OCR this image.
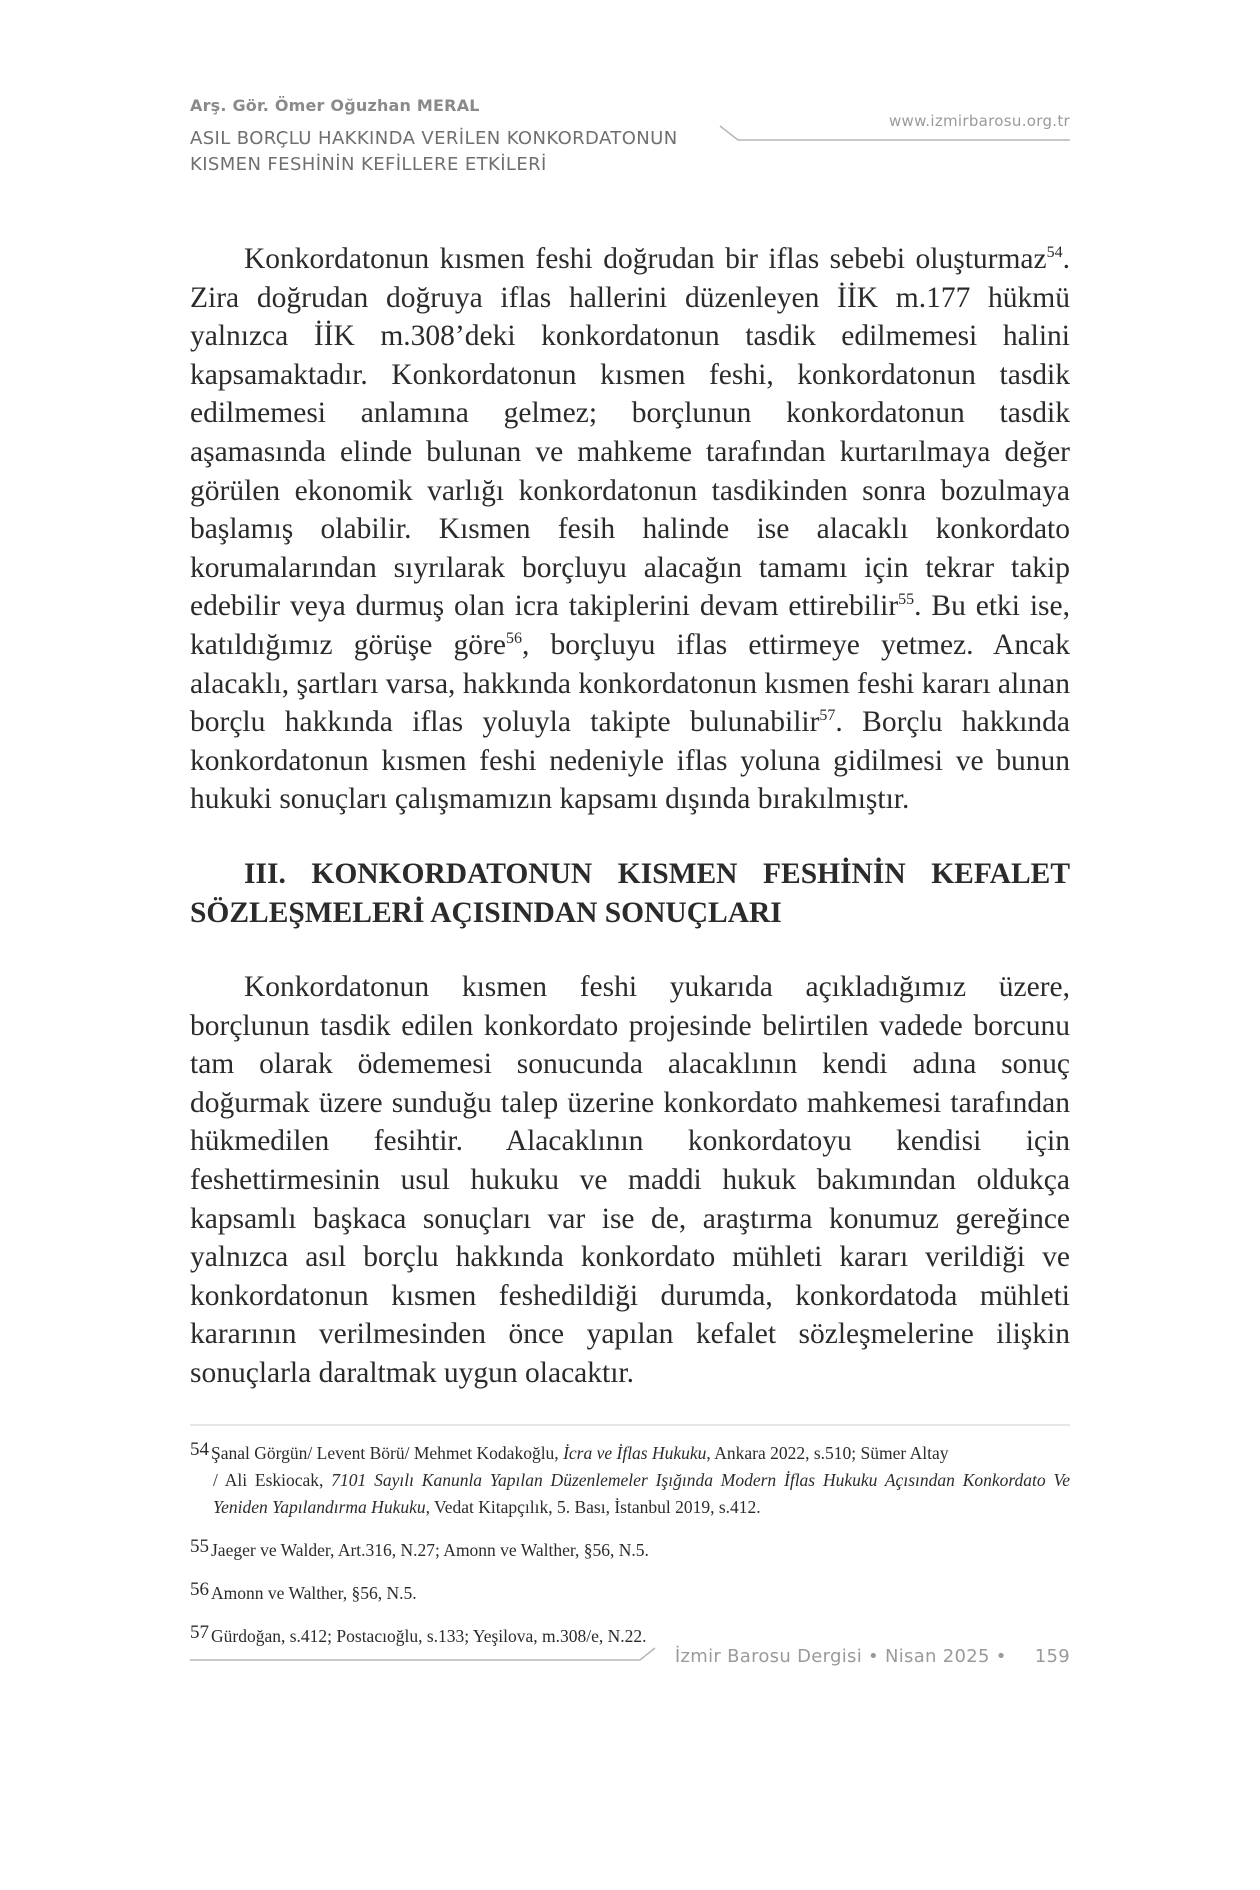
Arş. Gör. Ömer Oğuzhan MERAL
ASIL BORÇLU HAKKINDA VERİLEN KONKORDATONUN
KISMEN FESHİNİN KEFİLLERE ETKİLERİ
www.izmirbarosu.org.tr

Konkordatonun kısmen feshi doğrudan bir iflas sebebi oluşturmaz$^{54}$. Zira doğrudan doğruya iflas hallerini düzenleyen İİK m.177 hükmü yalnızca İİK m.308’deki konkordatonun tasdik edilmemesi halini kapsamaktadır. Konkordatonun kısmen feshi, konkordatonun tasdik edilmemesi anlamına gelmez; borçlunun konkordatonun tasdik aşamasında elinde bulunan ve mahkeme tarafından kurtarılmaya değer görülen ekonomik varlığı konkordatonun tasdikinden sonra bozulmaya başlamış olabilir. Kısmen fesih halinde ise alacaklı konkordato korumalarından sıyrılarak borçluyu alacağın tamamı için tekrar takip edebilir veya durmuş olan icra takiplerini devam ettirebilir$^{55}$. Bu etki ise, katıldığımız görüşe göre$^{56}$, borçluyu iflas ettirmeye yetmez. Ancak alacaklı, şartları varsa, hakkında konkordatonun kısmen feshi kararı alınan borçlu hakkında iflas yoluyla takipte bulunabilir$^{57}$. Borçlu hakkında konkordatonun kısmen feshi nedeniyle iflas yoluna gidilmesi ve bunun hukuki sonuçları çalışmamızın kapsamı dışında bırakılmıştır.

III. KONKORDATONUN KISMEN FESHİNİN KEFALET SÖZLEŞMELERİ AÇISINDAN SONUÇLARI

Konkordatonun kısmen feshi yukarıda açıkladığımız üzere, borçlunun tasdik edilen konkordato projesinde belirtilen vadede borcunu tam olarak ödememesi sonucunda alacaklının kendi adına sonuç doğurmak üzere sunduğu talep üzerine konkordato mahkemesi tarafından hükmedilen fesihtir. Alacaklının konkordatoyu kendisi için feshettirmesinin usul hukuku ve maddi hukuk bakımından oldukça kapsamlı başkaca sonuçları var ise de, araştırma konumuz gereğince yalnızca asıl borçlu hakkında konkordato mühleti kararı verildiği ve konkordatonun kısmen feshedildiği durumda, konkordatoda mühleti kararının verilmesinden önce yapılan kefalet sözleşmelerine ilişkin sonuçlarla daraltmak uygun olacaktır.

54 Şanal Görgün/ Levent Börü/ Mehmet Kodakoğlu, İcra ve İflas Hukuku, Ankara 2022, s.510; Sümer Altay
/ Ali Eskiocak, 7101 Sayılı Kanunla Yapılan Düzenlemeler Işığında Modern İflas Hukuku Açısından Konkordato Ve Yeniden Yapılandırma Hukuku, Vedat Kitapçılık, 5. Bası, İstanbul 2019, s.412.
55 Jaeger ve Walder, Art.316, N.27; Amonn ve Walther, §56, N.5.
56 Amonn ve Walther, §56, N.5.
57 Gürdoğan, s.412; Postacıoğlu, s.133; Yeşilova, m.308/e, N.22.
İzmir Barosu Dergisi • Nisan 2025 • 159
